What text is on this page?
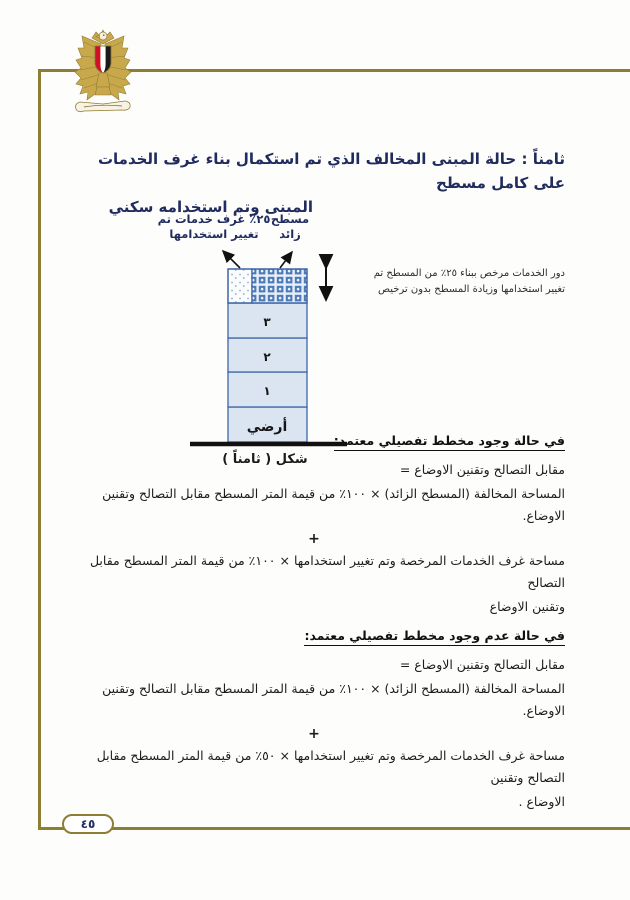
٤٥
ثامناً : حالة المبنى المخالف الذي تم استكمال بناء غرف الخدمات على كامل مسطح
المبنى وتم استخدامه سكني
٢٥٪ غرف خدمات تم
تغيير استخدامها
مسطح
زائد
٣
٢
١
أرضي
دور الخدمات مرخص ببناء ٢٥٪ من المسطح تم
تغيير استخدامها وزيادة المسطح بدون ترخيص
شكل ( ثامناً )
في حالة وجود مخطط تفصيلي معتمد:
مقابل التصالح وتقنين الاوضاع =
المساحة المخالفة (المسطح الزائد) × ١٠٠٪ من قيمة المتر المسطح مقابل التصالح وتقنين الاوضاع.
+
مساحة غرف الخدمات المرخصة وتم تغيير استخدامها × ١٠٠٪ من قيمة المتر المسطح مقابل التصالح
وتقنين الاوضاع
في حالة عدم وجود مخطط تفصيلي معتمد:
مقابل التصالح وتقنين الاوضاع =
المساحة المخالفة (المسطح الزائد) × ١٠٠٪ من قيمة المتر المسطح مقابل التصالح وتقنين الاوضاع.
+
مساحة غرف الخدمات المرخصة وتم تغيير استخدامها × ٥٠٪ من قيمة المتر المسطح مقابل التصالح وتقنين
الاوضاع .
